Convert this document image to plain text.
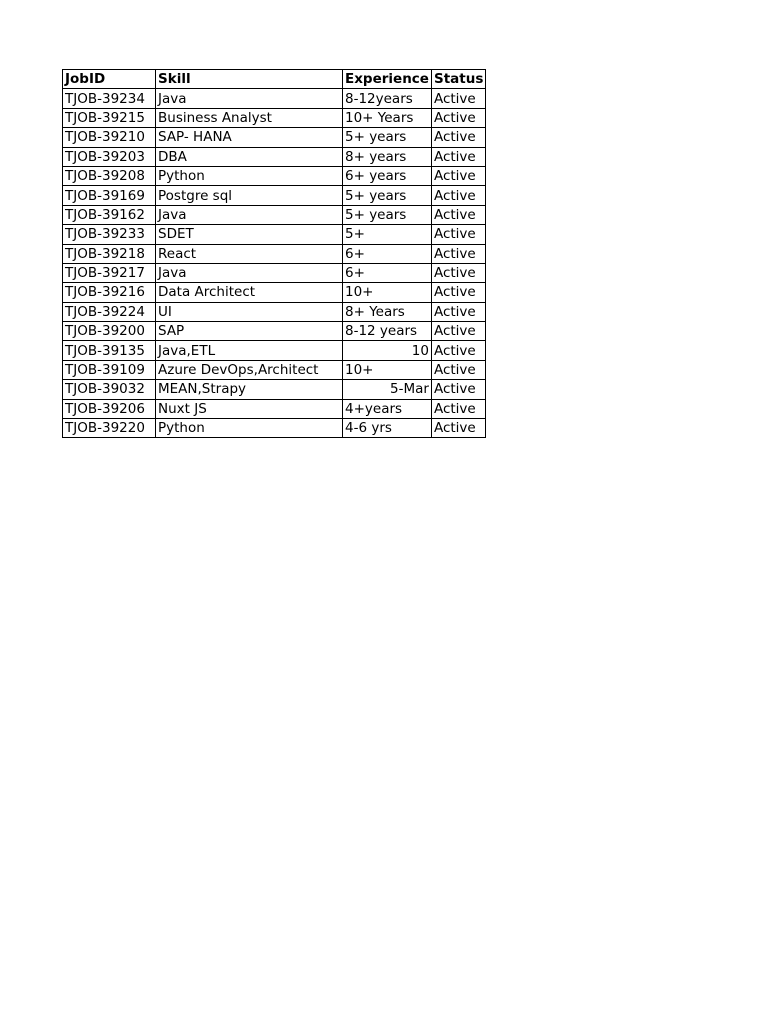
JobID	Skill	Experience	Status
TJOB-39234	Java	8-12years	Active
TJOB-39215	Business Analyst	10+ Years	Active
TJOB-39210	SAP- HANA	5+ years	Active
TJOB-39203	DBA	8+ years	Active
TJOB-39208	Python	6+ years	Active
TJOB-39169	Postgre sql	5+ years	Active
TJOB-39162	Java	5+ years	Active
TJOB-39233	SDET	5+	Active
TJOB-39218	React	6+	Active
TJOB-39217	Java	6+	Active
TJOB-39216	Data Architect	10+	Active
TJOB-39224	UI	8+ Years	Active
TJOB-39200	SAP	8-12 years	Active
TJOB-39135	Java,ETL	10	Active
TJOB-39109	Azure DevOps,Architect	10+	Active
TJOB-39032	MEAN,Strapy	5-Mar	Active
TJOB-39206	Nuxt JS	4+years	Active
TJOB-39220	Python	4-6 yrs	Active
